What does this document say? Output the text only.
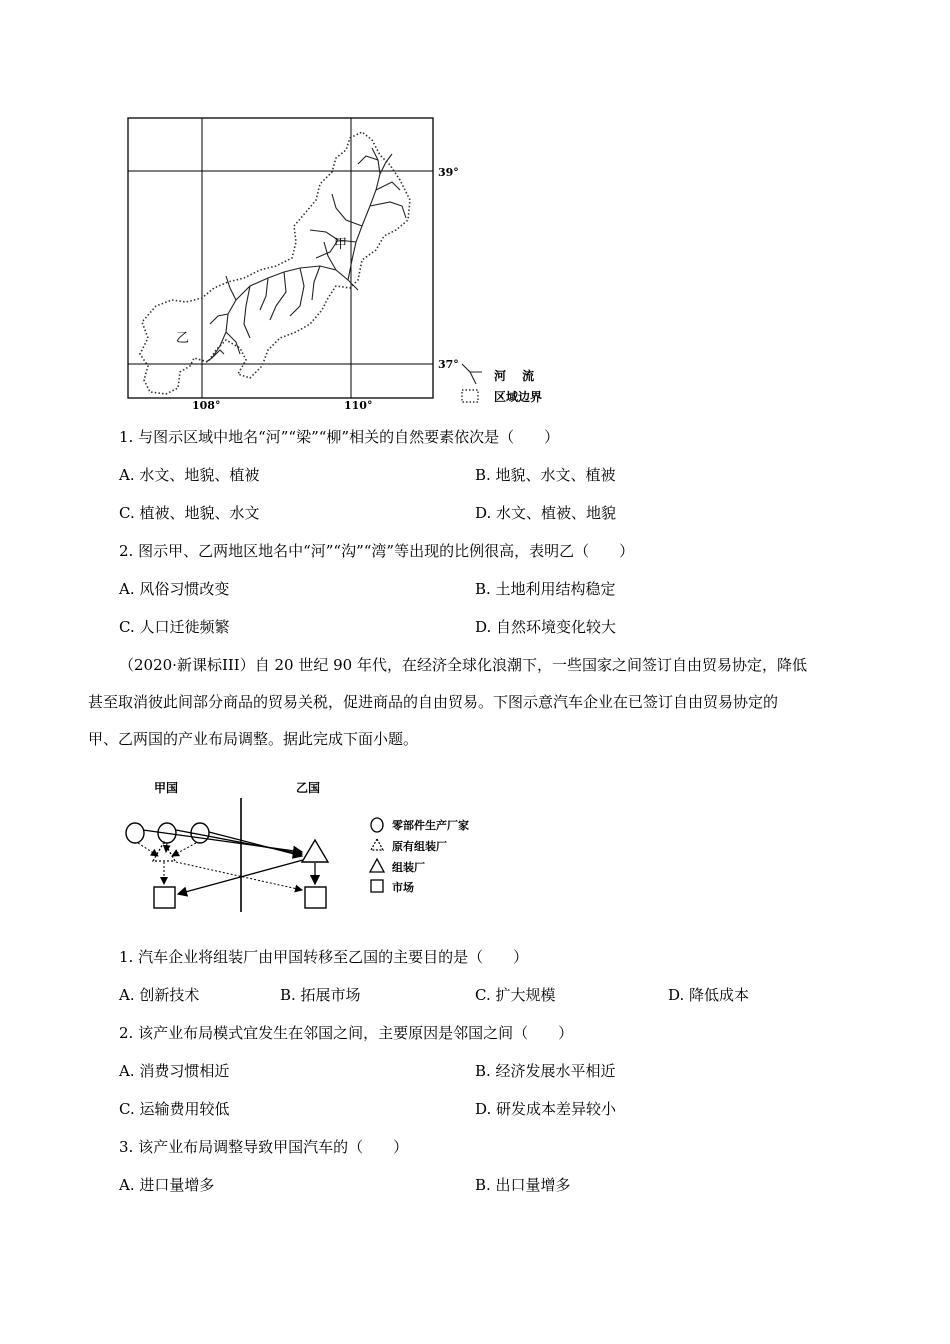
甲
乙
39°
37°
108°	110°
河　 流
区域边界
1. 与图示区域中地名“河”“梁”“柳”相关的自然要素依次是（　　）
A. 水文、地貌、植被	B. 地貌、水文、植被
C. 植被、地貌、水文	D. 水文、植被、地貌
2. 图示甲、乙两地区地名中“河”“沟”“湾”等出现的比例很高，表明乙（　　）
A. 风俗习惯改变	B. 土地利用结构稳定
C. 人口迁徙频繁	D. 自然环境变化较大
（2020·新课标III）自 20 世纪 90 年代，在经济全球化浪潮下，一些国家之间签订自由贸易协定，降低
甚至取消彼此间部分商品的贸易关税，促进商品的自由贸易。下图示意汽车企业在已签订自由贸易协定的
甲、乙两国的产业布局调整。据此完成下面小题。
甲国	乙国
零部件生产厂家
原有组装厂
组装厂
市场
1. 汽车企业将组装厂由甲国转移至乙国的主要目的是（　　）
A. 创新技术	B. 拓展市场	C. 扩大规模	D. 降低成本
2. 该产业布局模式宜发生在邻国之间，主要原因是邻国之间（　　）
A. 消费习惯相近	B. 经济发展水平相近
C. 运输费用较低	D. 研发成本差异较小
3. 该产业布局调整导致甲国汽车的（　　）
A. 进口量增多	B. 出口量增多
